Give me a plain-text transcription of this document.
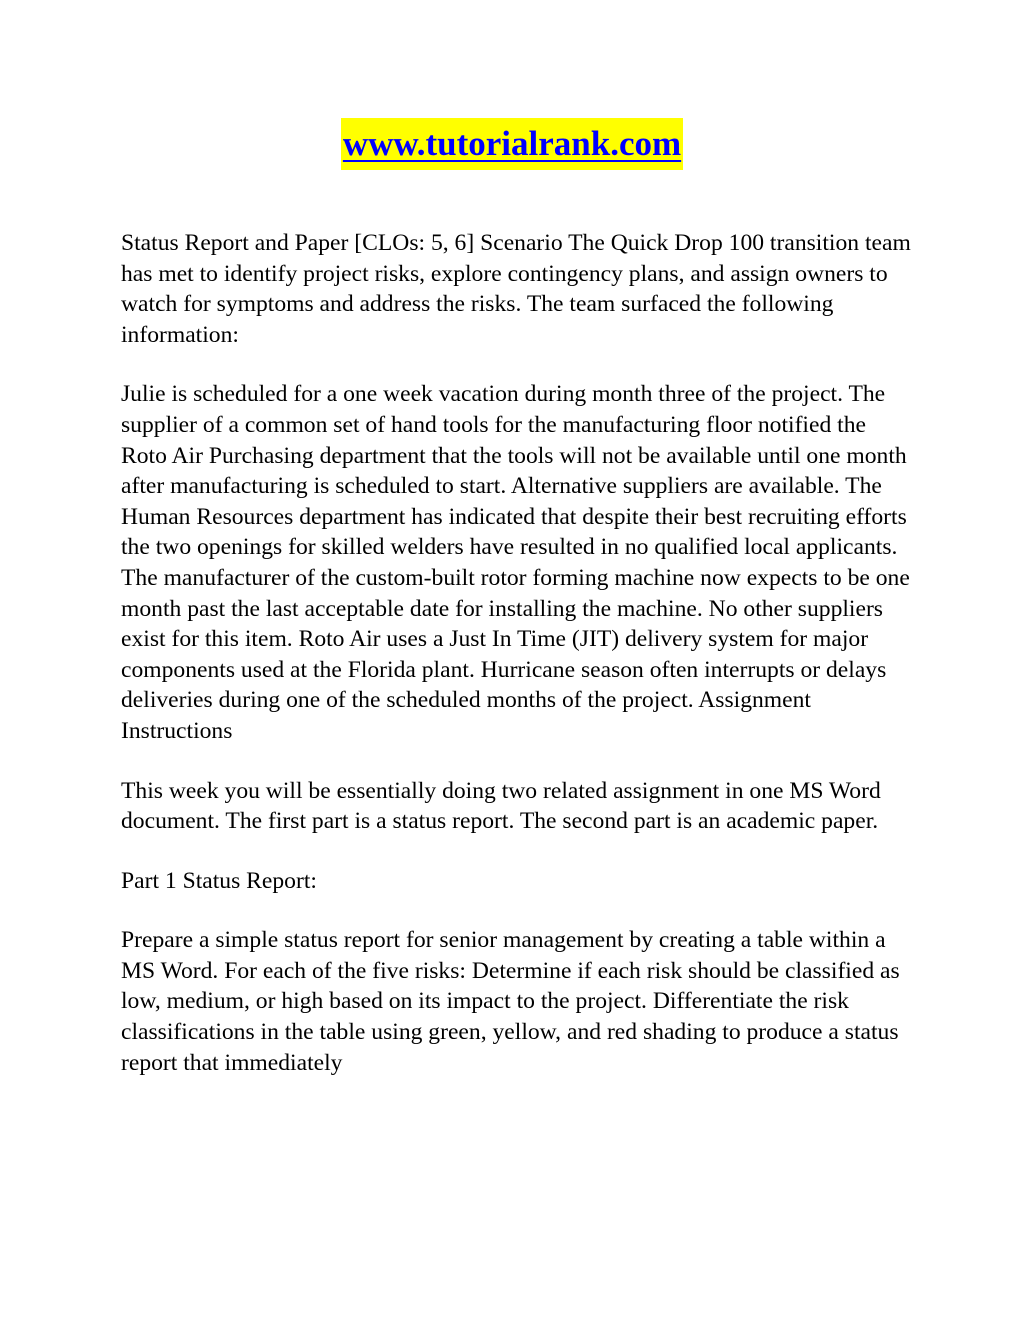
www.tutorialrank.com

Status Report and Paper [CLOs: 5, 6] Scenario The Quick Drop 100 transition team has met to identify project risks, explore contingency plans, and assign owners to watch for symptoms and address the risks. The team surfaced the following information:

Julie is scheduled for a one week vacation during month three of the project. The supplier of a common set of hand tools for the manufacturing floor notified the Roto Air Purchasing department that the tools will not be available until one month after manufacturing is scheduled to start. Alternative suppliers are available. The Human Resources department has indicated that despite their best recruiting efforts the two openings for skilled welders have resulted in no qualified local applicants. The manufacturer of the custom-built rotor forming machine now expects to be one month past the last acceptable date for installing the machine. No other suppliers exist for this item. Roto Air uses a Just In Time (JIT) delivery system for major components used at the Florida plant. Hurricane season often interrupts or delays deliveries during one of the scheduled months of the project. Assignment Instructions

This week you will be essentially doing two related assignment in one MS Word document. The first part is a status report. The second part is an academic paper.

Part 1 Status Report:

Prepare a simple status report for senior management by creating a table within a MS Word. For each of the five risks: Determine if each risk should be classified as low, medium, or high based on its impact to the project. Differentiate the risk classifications in the table using green, yellow, and red shading to produce a status report that immediately
